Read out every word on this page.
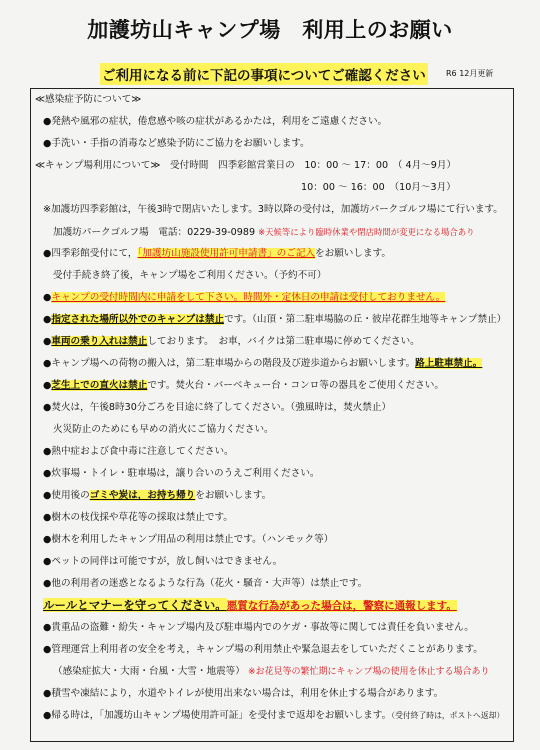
加護坊山キャンプ場　利用上のお願い
ご利用になる前に下記の事項についてご確認ください	R6 12月更新
≪感染症予防について≫
●発熱や風邪の症状，倦怠感や咳の症状があるかたは，利用をご遠慮ください。
●手洗い・手指の消毒など感染予防にご協力をお願いします。
≪キャンプ場利用について≫　受付時間　四季彩館営業日の　10：00 ～ 17：00　（ 4月～9月）
10：00 ～ 16：00　（10月～3月）
※加護坊四季彩館は，午後3時で閉店いたします。3時以降の受付は，加護坊パークゴルフ場にて行います。
加護坊パークゴルフ場　電話：0229-39-0989 ※天候等により臨時休業や閉店時間が変更になる場合あり
●四季彩館受付にて，「加護坊山施設使用許可申請書」のご記入をお願いします。
受付手続き終了後，キャンプ場をご利用ください。（予約不可）
●キャンプの受付時間内に申請をして下さい。時間外・定休日の申請は受付しておりません。
●指定された場所以外でのキャンプは禁止です。（山頂・第二駐車場脇の丘・彼岸花群生地等キャンプ禁止）
●車両の乗り入れは禁止しております。　お車，バイクは第二駐車場に停めてください。
●キャンプ場への荷物の搬入は，第二駐車場からの階段及び遊歩道からお願いします。路上駐車禁止。
●芝生上での直火は禁止です。焚火台・バーベキュー台・コンロ等の器具をご使用ください。
●焚火は，午後8時30分ごろを目途に終了してください。（強風時は，焚火禁止）
火災防止のためにも早めの消火にご協力ください。
●熱中症および食中毒に注意してください。
●炊事場・トイレ・駐車場は，譲り合いのうえご利用ください。
●使用後のゴミや炭は，お持ち帰りをお願いします。
●樹木の枝伐採や草花等の採取は禁止です。
●樹木を利用したキャンプ用品の利用は禁止です。（ハンモック等）
●ペットの同伴は可能ですが，放し飼いはできません。
●他の利用者の迷惑となるような行為（花火・騒音・大声等）は禁止です。
ルールとマナーを守ってください。悪質な行為があった場合は，警察に通報します。
●貴重品の盗難・紛失・キャンプ場内及び駐車場内でのケガ・事故等に関しては責任を負いません。
●管理運営上利用者の安全を考え，キャンプ場の利用禁止や緊急退去をしていただくことがあります。
（感染症拡大・大雨・台風・大雪・地震等） ※お花見等の繁忙期にキャンプ場の使用を休止する場合あり
●積雪や凍結により，水道やトイレが使用出来ない場合は，利用を休止する場合があります。
●帰る時は，「加護坊山キャンプ場使用許可証」を受付まで返却をお願いします。（受付終了時は，ポストへ返却）
